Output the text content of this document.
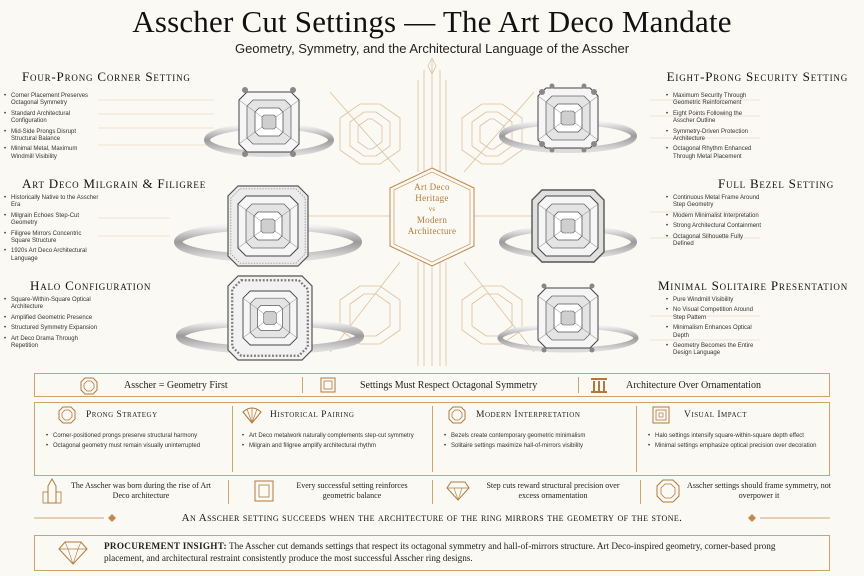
Asscher Cut Settings — The Art Deco Mandate
Geometry, Symmetry, and the Architectural Language of the Asscher
Art Deco
Heritage
vs
Modern
Architecture
Four-Prong Corner Setting
• Corner Placement Preserves Octagonal Symmetry
• Standard Architectural Configuration
• Mid-Side Prongs Disrupt Structural Balance
• Minimal Metal, Maximum Windmill Visibility
Art Deco Milgrain & Filigree
• Historically Native to the Asscher Era
• Milgrain Echoes Step-Cut Geometry
• Filigree Mirrors Concentric Square Structure
• 1920s Art Deco Architectural Language
Halo Configuration
• Square-Within-Square Optical Architecture
• Amplified Geometric Presence
• Structured Symmetry Expansion
• Art Deco Drama Through Repetition
Eight-Prong Security Setting
• Maximum Security Through Geometric Reinforcement
• Eight Points Following the Asscher Outline
• Symmetry-Driven Protection Architecture
• Octagonal Rhythm Enhanced Through Metal Placement
Full Bezel Setting
• Continuous Metal Frame Around Step Geometry
• Modern Minimalist Interpretation
• Strong Architectural Containment
• Octagonal Silhouette Fully Defined
Minimal Solitaire Presentation
• Pure Windmill Visibility
• No Visual Competition Around Step Pattern
• Minimalism Enhances Optical Depth
• Geometry Becomes the Entire Design Language
Asscher = Geometry First	Settings Must Respect Octagonal Symmetry	Architecture Over Ornamentation
Prong Strategy
• Corner-positioned prongs preserve structural harmony
• Octagonal geometry must remain visually uninterrupted
Historical Pairing
• Art Deco metalwork naturally complements step-cut symmetry
• Milgrain and filigree amplify architectural rhythm
Modern Interpretation
• Bezels create contemporary geometric minimalism
• Solitaire settings maximize hall-of-mirrors visibility
Visual Impact
• Halo settings intensify square-within-square depth effect
• Minimal settings emphasize optical precision over decoration
The Asscher was born during the rise of Art Deco architecture
Every successful setting reinforces geometric balance
Step cuts reward structural precision over excess ornamentation
Asscher settings should frame symmetry, not overpower it
An Asscher setting succeeds when the architecture of the ring mirrors the geometry of the stone.
PROCUREMENT INSIGHT: The Asscher cut demands settings that respect its octagonal symmetry and hall-of-mirrors structure. Art Deco-inspired geometry, corner-based prong placement, and architectural restraint consistently produce the most successful Asscher ring designs.
